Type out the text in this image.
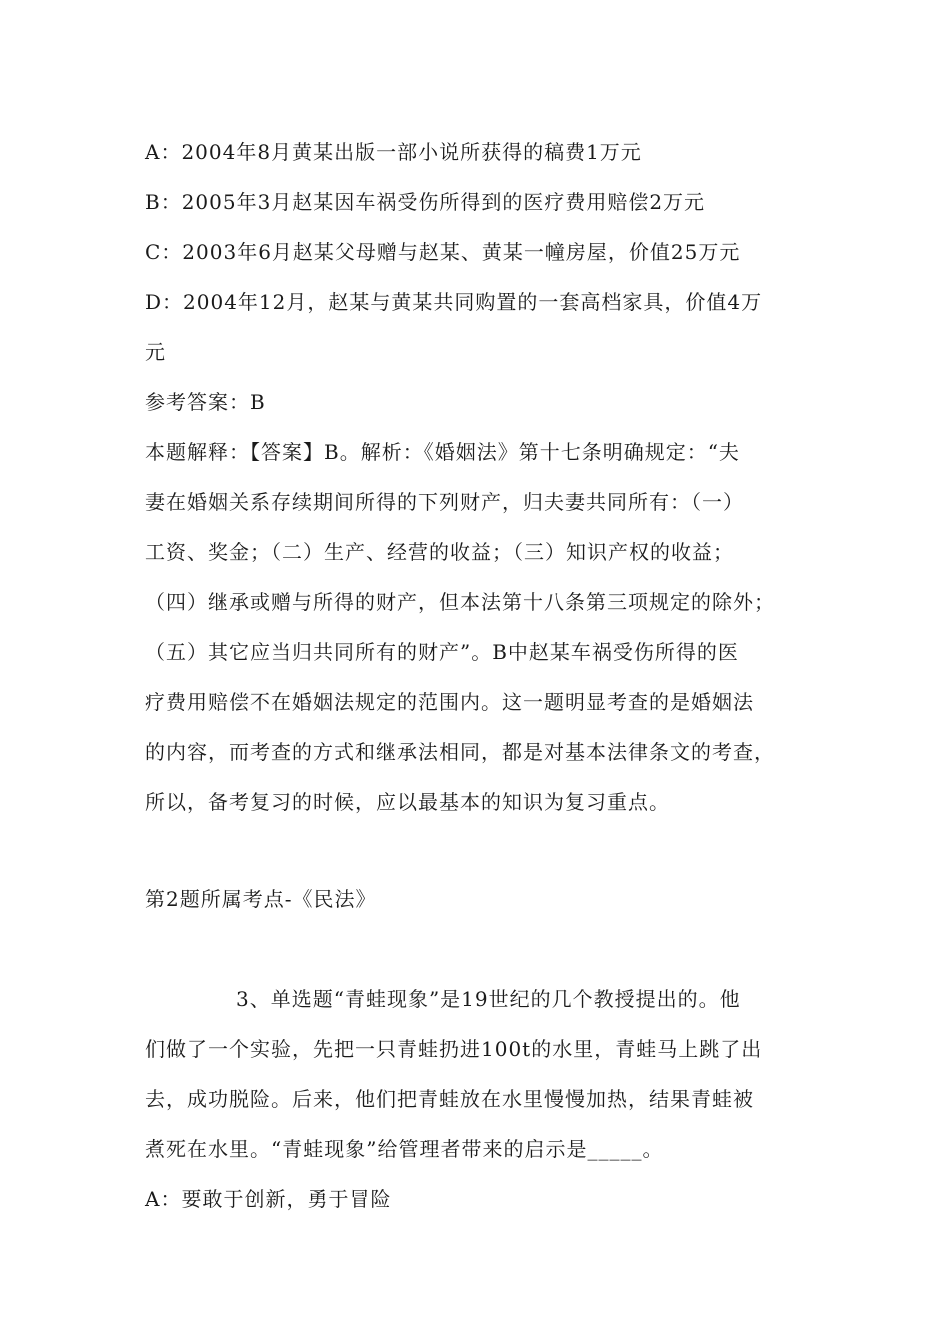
A：2004年8月黄某出版一部小说所获得的稿费1万元
B：2005年3月赵某因车祸受伤所得到的医疗费用赔偿2万元
C：2003年6月赵某父母赠与赵某、黄某一幢房屋，价值25万元
D：2004年12月，赵某与黄某共同购置的一套高档家具，价值4万
元
参考答案：B
本题解释：【答案】B。解析：《婚姻法》第十七条明确规定：“夫
妻在婚姻关系存续期间所得的下列财产，归夫妻共同所有：（一）
工资、奖金；（二）生产、经营的收益；（三）知识产权的收益；
（四）继承或赠与所得的财产，但本法第十八条第三项规定的除外；
（五）其它应当归共同所有的财产”。B中赵某车祸受伤所得的医
疗费用赔偿不在婚姻法规定的范围内。这一题明显考查的是婚姻法
的内容，而考查的方式和继承法相同，都是对基本法律条文的考查，
所以，备考复习的时候，应以最基本的知识为复习重点。
第2题所属考点-《民法》
3、单选题“青蛙现象”是19世纪的几个教授提出的。他
们做了一个实验，先把一只青蛙扔进100t的水里，青蛙马上跳了出
去，成功脱险。后来，他们把青蛙放在水里慢慢加热，结果青蛙被
煮死在水里。“青蛙现象”给管理者带来的启示是_____。
A：要敢于创新，勇于冒险
